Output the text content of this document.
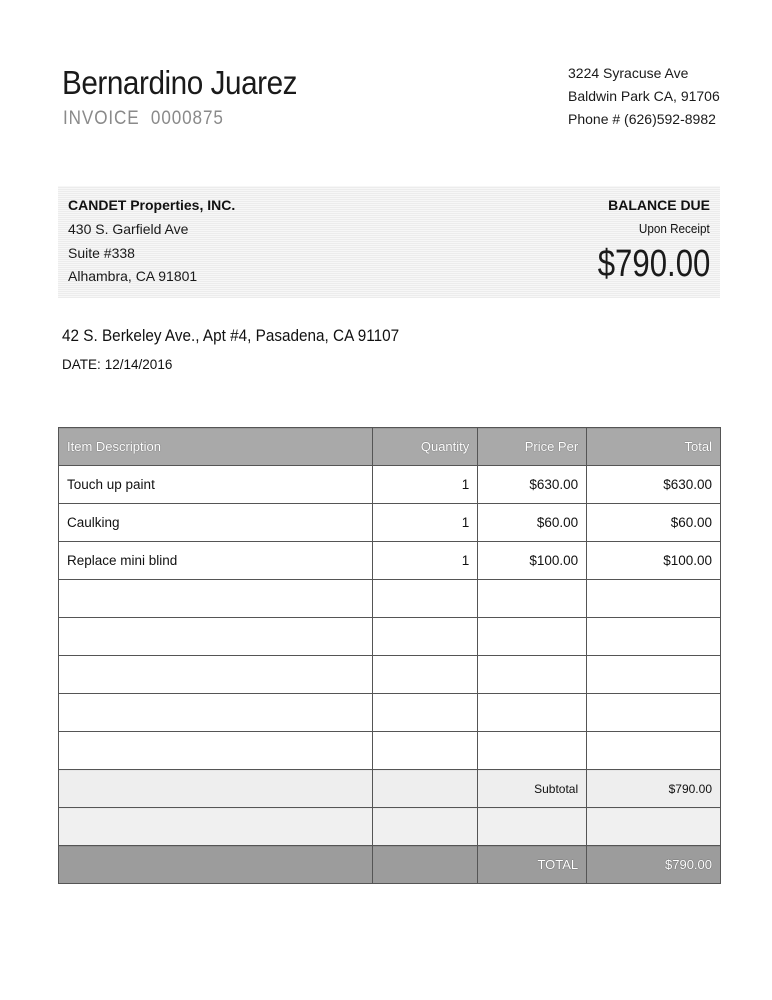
Bernardino Juarez
INVOICE 0000875
3224 Syracuse Ave
Baldwin Park CA, 91706
Phone # (626)592-8982
CANDET Properties, INC.
430 S. Garfield Ave
Suite #338
Alhambra, CA 91801
BALANCE DUE
Upon Receipt
$790.00
42 S. Berkeley Ave., Apt #4, Pasadena, CA 91107
DATE: 12/14/2016
Item Description	Quantity	Price Per	Total
Touch up paint	1	$630.00	$630.00
Caulking	1	$60.00	$60.00
Replace mini blind	1	$100.00	$100.00

		Subtotal	$790.00

		TOTAL	$790.00
